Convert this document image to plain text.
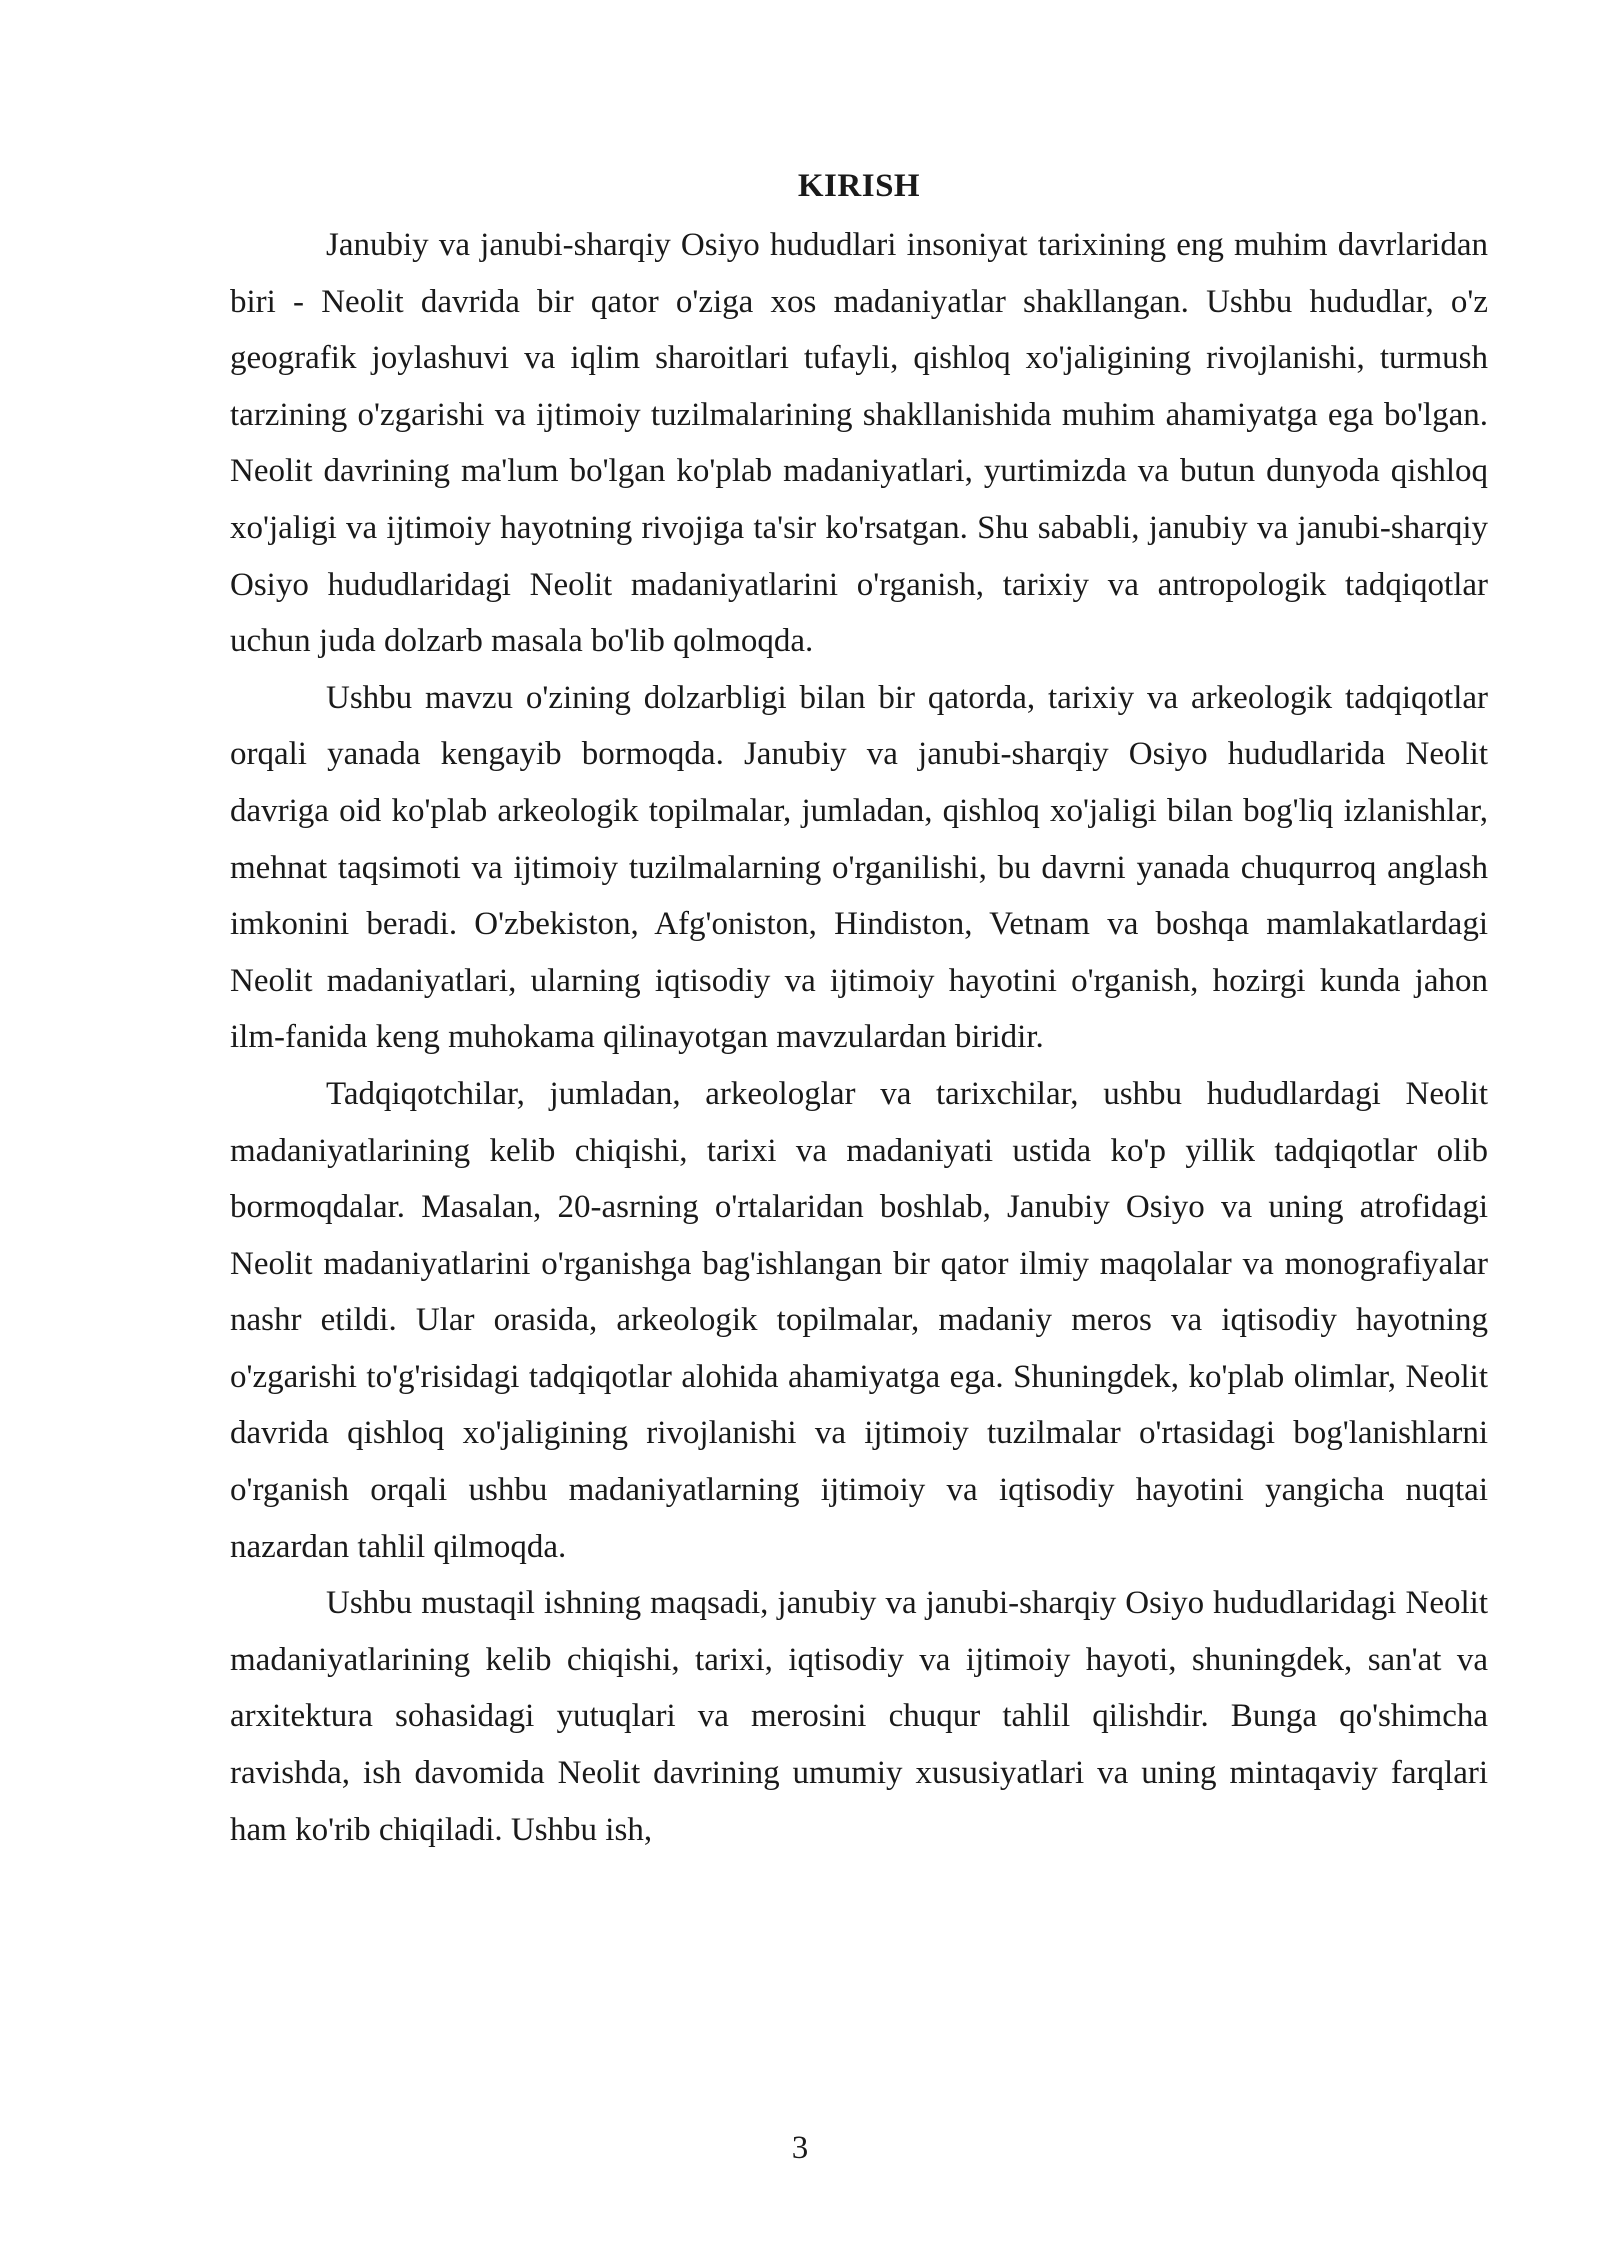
KIRISH

Janubiy va janubi-sharqiy Osiyo hududlari insoniyat tarixining eng muhim davrlaridan biri - Neolit davrida bir qator o'ziga xos madaniyatlar shakllangan. Ushbu hududlar, o'z geografik joylashuvi va iqlim sharoitlari tufayli, qishloq xo'jaligining rivojlanishi, turmush tarzining o'zgarishi va ijtimoiy tuzilmalarining shakllanishida muhim ahamiyatga ega bo'lgan. Neolit davrining ma'lum bo'lgan ko'plab madaniyatlari, yurtimizda va butun dunyoda qishloq xo'jaligi va ijtimoiy hayotning rivojiga ta'sir ko'rsatgan. Shu sababli, janubiy va janubi-sharqiy Osiyo hududlaridagi Neolit madaniyatlarini o'rganish, tarixiy va antropologik tadqiqotlar uchun juda dolzarb masala bo'lib qolmoqda.

Ushbu mavzu o'zining dolzarbligi bilan bir qatorda, tarixiy va arkeologik tadqiqotlar orqali yanada kengayib bormoqda. Janubiy va janubi-sharqiy Osiyo hududlarida Neolit davriga oid ko'plab arkeologik topilmalar, jumladan, qishloq xo'jaligi bilan bog'liq izlanishlar, mehnat taqsimoti va ijtimoiy tuzilmalarning o'rganilishi, bu davrni yanada chuqurroq anglash imkonini beradi. O'zbekiston, Afg'oniston, Hindiston, Vetnam va boshqa mamlakatlardagi Neolit madaniyatlari, ularning iqtisodiy va ijtimoiy hayotini o'rganish, hozirgi kunda jahon ilm-fanida keng muhokama qilinayotgan mavzulardan biridir.

Tadqiqotchilar, jumladan, arkeologlar va tarixchilar, ushbu hududlardagi Neolit madaniyatlarining kelib chiqishi, tarixi va madaniyati ustida ko'p yillik tadqiqotlar olib bormoqdalar. Masalan, 20-asrning o'rtalaridan boshlab, Janubiy Osiyo va uning atrofidagi Neolit madaniyatlarini o'rganishga bag'ishlangan bir qator ilmiy maqolalar va monografiyalar nashr etildi. Ular orasida, arkeologik topilmalar, madaniy meros va iqtisodiy hayotning o'zgarishi to'g'risidagi tadqiqotlar alohida ahamiyatga ega. Shuningdek, ko'plab olimlar, Neolit davrida qishloq xo'jaligining rivojlanishi va ijtimoiy tuzilmalar o'rtasidagi bog'lanishlarni o'rganish orqali ushbu madaniyatlarning ijtimoiy va iqtisodiy hayotini yangicha nuqtai nazardan tahlil qilmoqda.

Ushbu mustaqil ishning maqsadi, janubiy va janubi-sharqiy Osiyo hududlaridagi Neolit madaniyatlarining kelib chiqishi, tarixi, iqtisodiy va ijtimoiy hayoti, shuningdek, san'at va arxitektura sohasidagi yutuqlari va merosini chuqur tahlil qilishdir. Bunga qo'shimcha ravishda, ish davomida Neolit davrining umumiy xususiyatlari va uning mintaqaviy farqlari ham ko'rib chiqiladi. Ushbu ish,

3
